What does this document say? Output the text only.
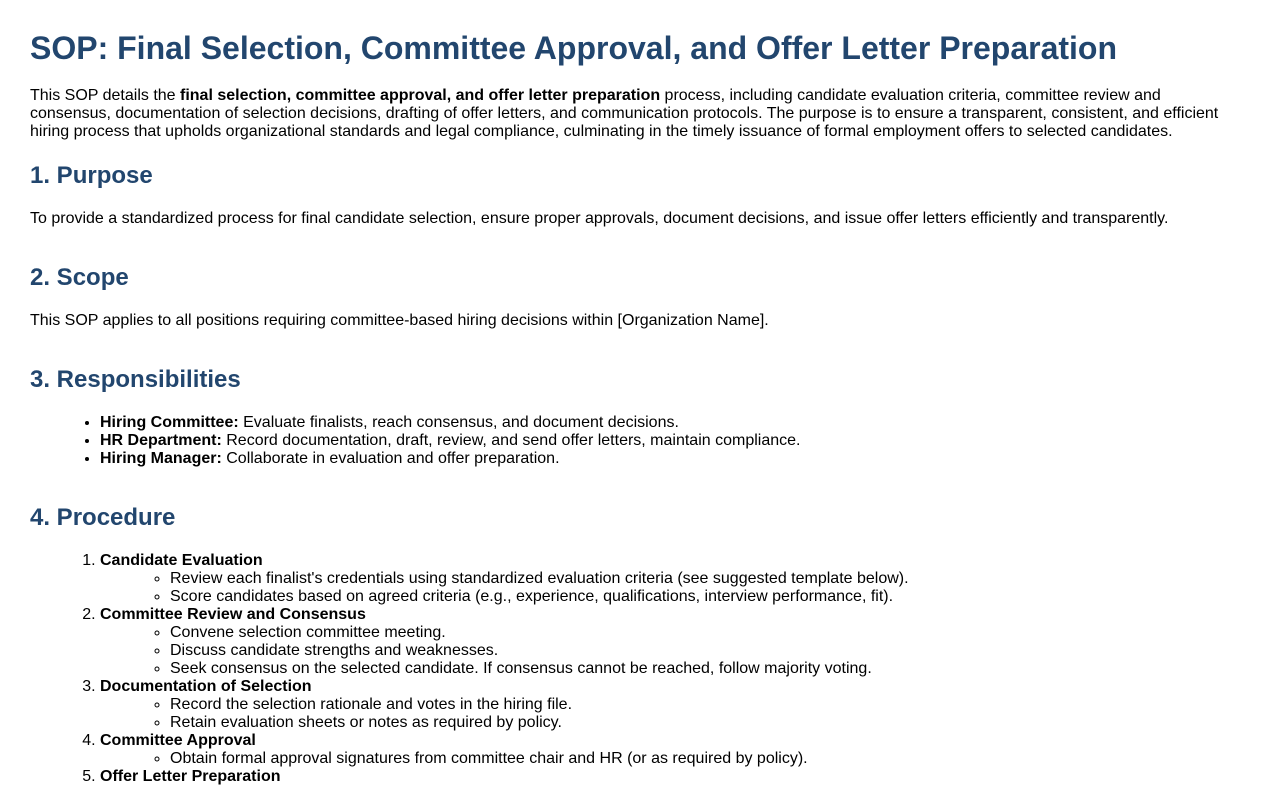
SOP: Final Selection, Committee Approval, and Offer Letter Preparation

This SOP details the final selection, committee approval, and offer letter preparation process, including candidate evaluation criteria, committee review and consensus, documentation of selection decisions, drafting of offer letters, and communication protocols. The purpose is to ensure a transparent, consistent, and efficient hiring process that upholds organizational standards and legal compliance, culminating in the timely issuance of formal employment offers to selected candidates.

1. Purpose

To provide a standardized process for final candidate selection, ensure proper approvals, document decisions, and issue offer letters efficiently and transparently.

2. Scope

This SOP applies to all positions requiring committee-based hiring decisions within [Organization Name].

3. Responsibilities
• Hiring Committee: Evaluate finalists, reach consensus, and document decisions.
• HR Department: Record documentation, draft, review, and send offer letters, maintain compliance.
• Hiring Manager: Collaborate in evaluation and offer preparation.
4. Procedure
1. Candidate Evaluation
◦ Review each finalist's credentials using standardized evaluation criteria (see suggested template below).
◦ Score candidates based on agreed criteria (e.g., experience, qualifications, interview performance, fit).
2. Committee Review and Consensus
◦ Convene selection committee meeting.
◦ Discuss candidate strengths and weaknesses.
◦ Seek consensus on the selected candidate. If consensus cannot be reached, follow majority voting.
3. Documentation of Selection
◦ Record the selection rationale and votes in the hiring file.
◦ Retain evaluation sheets or notes as required by policy.
4. Committee Approval
◦ Obtain formal approval signatures from committee chair and HR (or as required by policy).
5. Offer Letter Preparation
